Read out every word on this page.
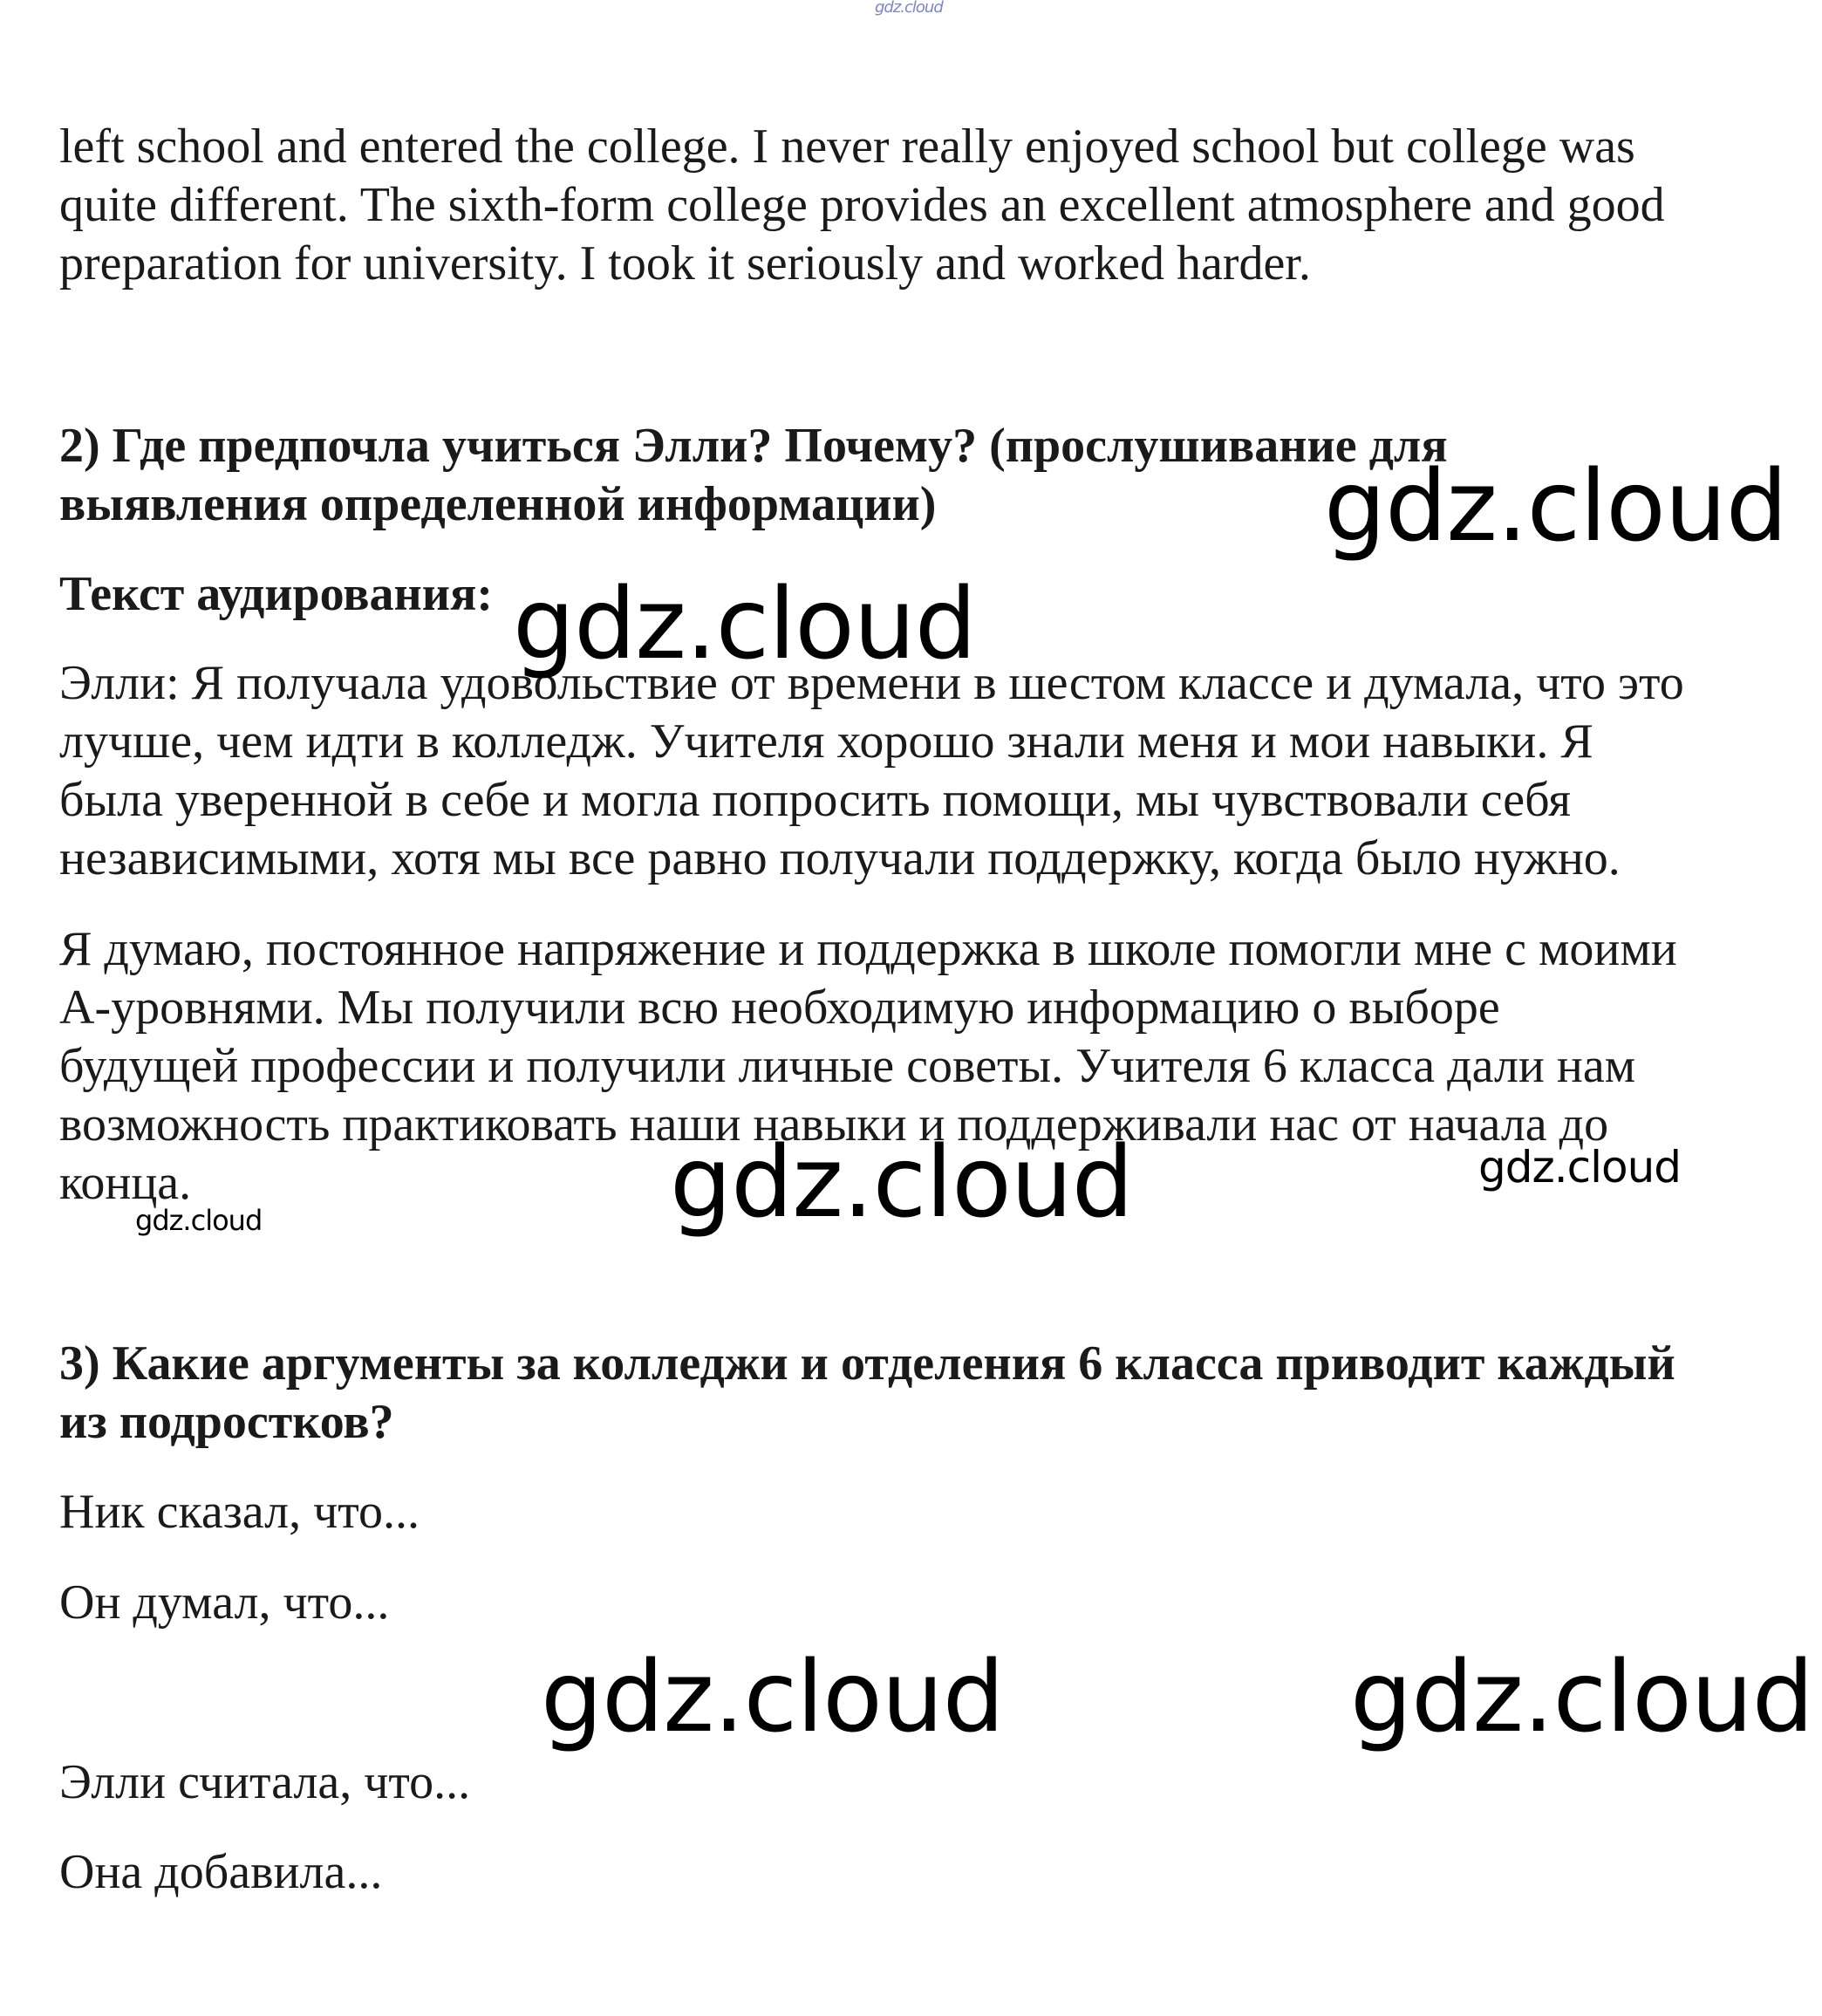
gdz.cloud

left school and entered the college. I never really enjoyed school but college was
quite different. The sixth-form college provides an excellent atmosphere and good
preparation for university. I took it seriously and worked harder.

2) Где предпочла учиться Элли? Почему? (прослушивание для
выявления определенной информации)

Текст аудирования:

Элли: Я получала удовольствие от времени в шестом классе и думала, что это
лучше, чем идти в колледж. Учителя хорошо знали меня и мои навыки. Я
была уверенной в себе и могла попросить помощи, мы чувствовали себя
независимыми, хотя мы все равно получали поддержку, когда было нужно.

Я думаю, постоянное напряжение и поддержка в школе помогли мне с моими
А-уровнями. Мы получили всю необходимую информацию о выборе
будущей профессии и получили личные советы. Учителя 6 класса дали нам
возможность практиковать наши навыки и поддерживали нас от начала до
конца.

3) Какие аргументы за колледжи и отделения 6 класса приводит каждый
из подростков?

Ник сказал, что...

Он думал, что...

Элли считала, что...

Она добавила...

gdz.cloud
gdz.cloud
gdz.cloud	gdz.cloud
gdz.cloud
gdz.cloud	gdz.cloud
